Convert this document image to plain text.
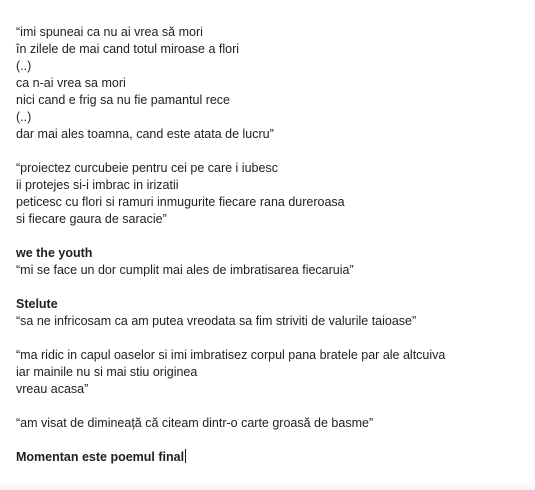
“imi spuneai ca nu ai vrea să mori
în zilele de mai cand totul miroase a flori
(..)
ca n-ai vrea sa mori
nici cand e frig sa nu fie pamantul rece
(..)
dar mai ales toamna, cand este atata de lucru”
“proiectez curcubeie pentru cei pe care i iubesc
ii protejes si-i imbrac in irizatii
peticesc cu flori si ramuri inmugurite fiecare rana dureroasa
si fiecare gaura de saracie”
we the youth
“mi se face un dor cumplit mai ales de imbratisarea fiecaruia”
Stelute
“sa ne infricosam ca am putea vreodata sa fim striviti de valurile taioase”
“ma ridic in capul oaselor si imi imbratisez corpul pana bratele par ale altcuiva
iar mainile nu si mai stiu originea
vreau acasa”
“am visat de dimineață că citeam dintr-o carte groasă de basme”
Momentan este poemul final
